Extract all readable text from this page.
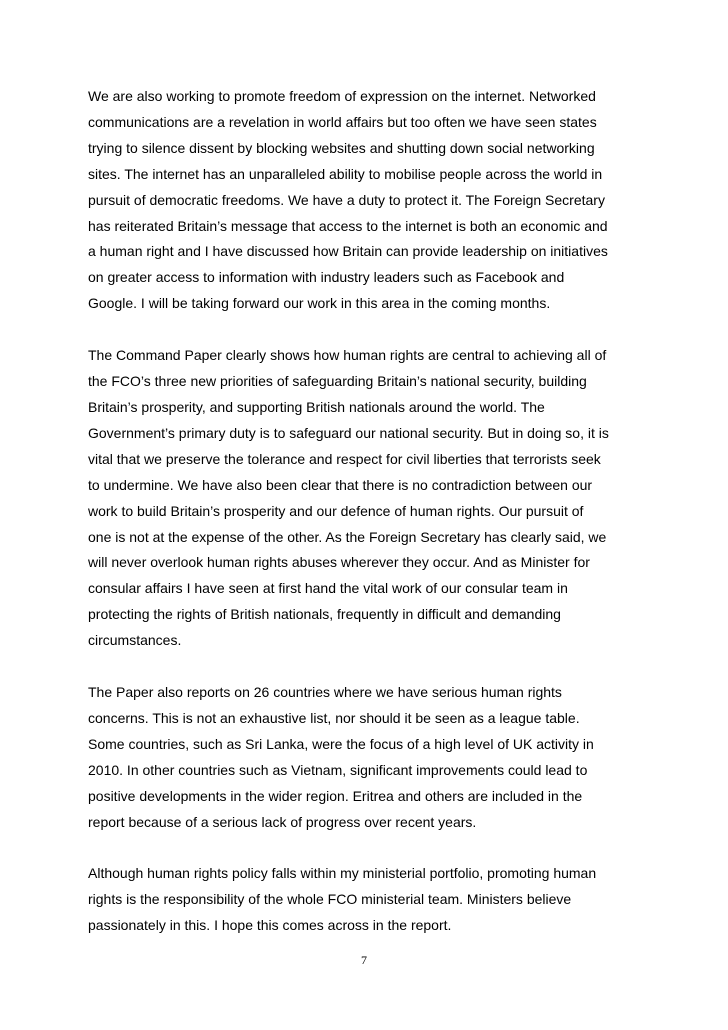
We are also working to promote freedom of expression on the internet. Networked
communications are a revelation in world affairs but too often we have seen states
trying to silence dissent by blocking websites and shutting down social networking
sites. The internet has an unparalleled ability to mobilise people across the world in
pursuit of democratic freedoms. We have a duty to protect it. The Foreign Secretary
has reiterated Britain’s message that access to the internet is both an economic and
a human right and I have discussed how Britain can provide leadership on initiatives
on greater access to information with industry leaders such as Facebook and
Google. I will be taking forward our work in this area in the coming months.
The Command Paper clearly shows how human rights are central to achieving all of
the FCO’s three new priorities of safeguarding Britain’s national security, building
Britain’s prosperity, and supporting British nationals around the world. The
Government’s primary duty is to safeguard our national security. But in doing so, it is
vital that we preserve the tolerance and respect for civil liberties that terrorists seek
to undermine. We have also been clear that there is no contradiction between our
work to build Britain’s prosperity and our defence of human rights. Our pursuit of
one is not at the expense of the other. As the Foreign Secretary has clearly said, we
will never overlook human rights abuses wherever they occur. And as Minister for
consular affairs I have seen at first hand the vital work of our consular team in
protecting the rights of British nationals, frequently in difficult and demanding
circumstances.
The Paper also reports on 26 countries where we have serious human rights
concerns. This is not an exhaustive list, nor should it be seen as a league table.
Some countries, such as Sri Lanka, were the focus of a high level of UK activity in
2010. In other countries such as Vietnam, significant improvements could lead to
positive developments in the wider region. Eritrea and others are included in the
report because of a serious lack of progress over recent years.
Although human rights policy falls within my ministerial portfolio, promoting human
rights is the responsibility of the whole FCO ministerial team. Ministers believe
passionately in this. I hope this comes across in the report.
7
